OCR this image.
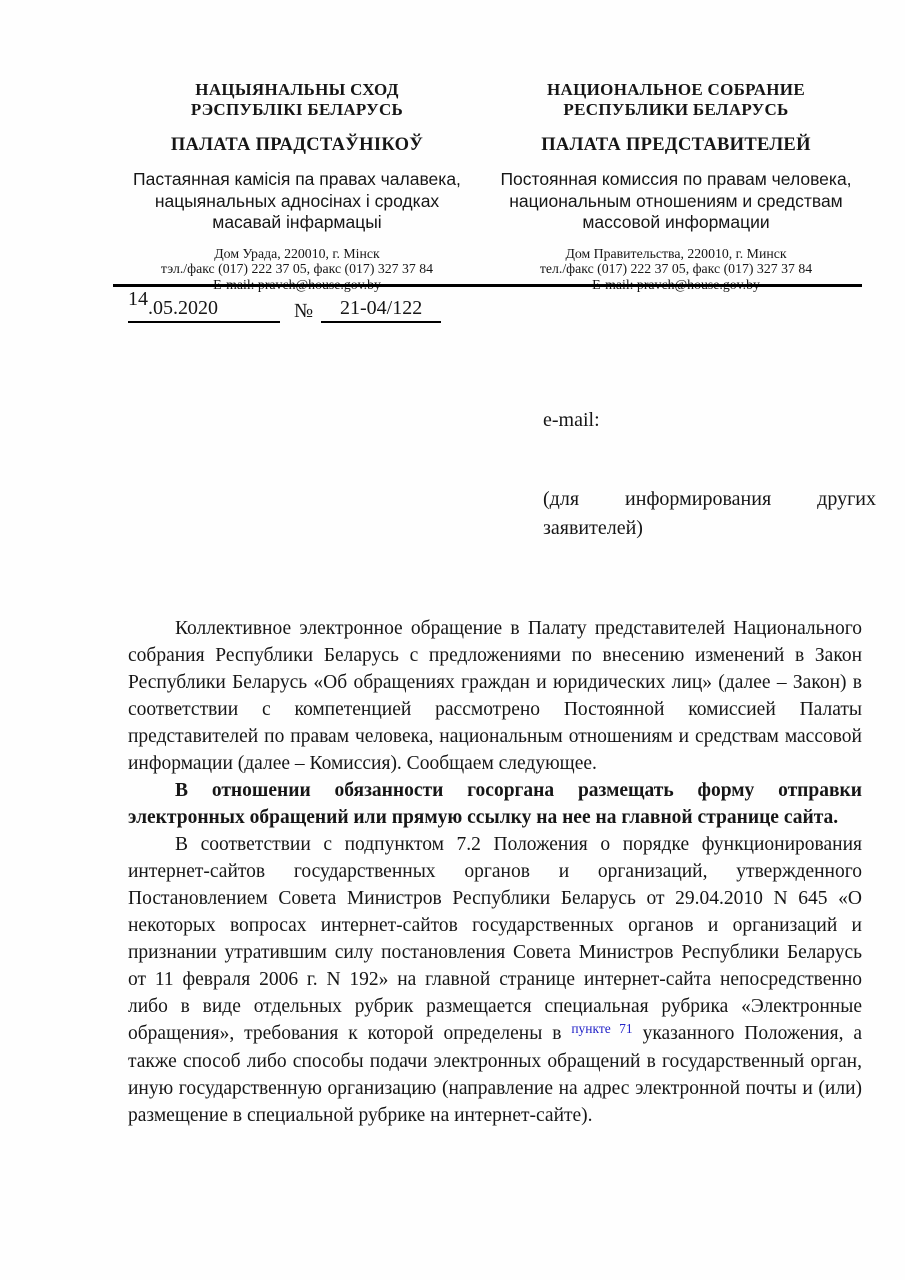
НАЦЫЯНАЛЬНЫ СХОД
РЭСПУБЛІКІ БЕЛАРУСЬ
ПАЛАТА ПРАДСТАЎНІКОЎ
Пастаянная камісія па правах чалавека, нацыянальных адносінах і сродках масавай інфармацыі
Дом Урада, 220010, г. Мінск
тэл./факс (017) 222 37 05, факс (017) 327 37 84
E-mail: pravch@house.gov.by
НАЦИОНАЛЬНОЕ СОБРАНИЕ
РЕСПУБЛИКИ БЕЛАРУСЬ
ПАЛАТА ПРЕДСТАВИТЕЛЕЙ
Постоянная комиссия по правам человека, национальным отношениям и средствам массовой информации
Дом Правительства, 220010, г. Минск
тел./факс (017) 222 37 05, факс (017) 327 37 84
E-mail: pravch@house.gov.by
14.05.2020	№ 21-04/122
e-mail:
(для информирования других заявителей)

Коллективное электронное обращение в Палату представителей Национального собрания Республики Беларусь с предложениями по внесению изменений в Закон Республики Беларусь «Об обращениях граждан и юридических лиц» (далее – Закон) в соответствии с компетенцией рассмотрено Постоянной комиссией Палаты представителей по правам человека, национальным отношениям и средствам массовой информации (далее – Комиссия). Сообщаем следующее.

В отношении обязанности госоргана размещать форму отправки электронных обращений или прямую ссылку на нее на главной странице сайта.

В соответствии с подпунктом 7.2 Положения о порядке функционирования интернет-сайтов государственных органов и организаций, утвержденного Постановлением Совета Министров Республики Беларусь от 29.04.2010 N 645 «О некоторых вопросах интернет-сайтов государственных органов и организаций и признании утратившим силу постановления Совета Министров Республики Беларусь от 11 февраля 2006 г. N 192» на главной странице интернет-сайта непосредственно либо в виде отдельных рубрик размещается специальная рубрика «Электронные обращения», требования к которой определены в $^{пункте 71}$ указанного Положения, а также способ либо способы подачи электронных обращений в государственный орган, иную государственную организацию (направление на адрес электронной почты и (или) размещение в специальной рубрике на интернет-сайте).
